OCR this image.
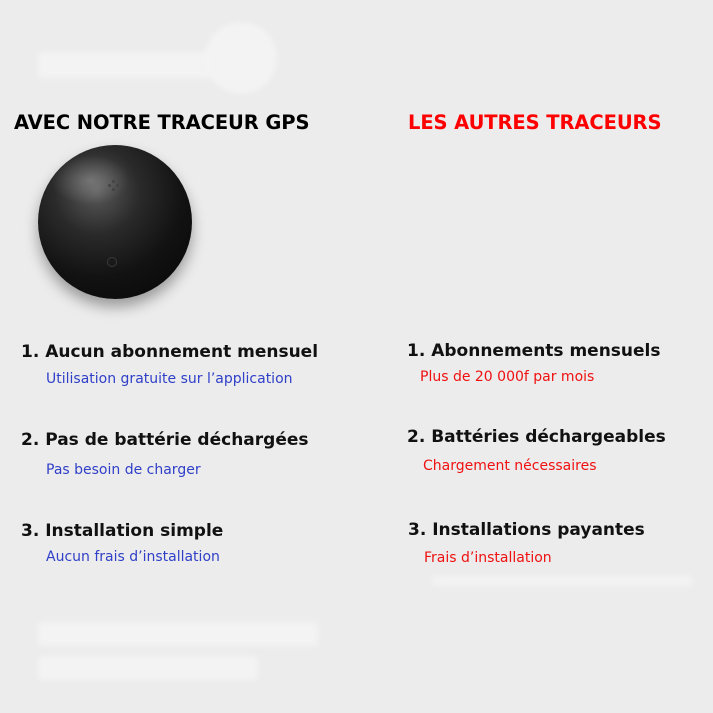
AVEC NOTRE TRACEUR GPS	LES AUTRES TRACEURS
1. Aucun abonnement mensuel
Utilisation gratuite sur l’application
2. Pas de battérie déchargées
Pas besoin de charger
3. Installation simple
Aucun frais d’installation
1. Abonnements mensuels
Plus de 20 000f par mois
2. Battéries déchargeables
Chargement nécessaires
3. Installations payantes
Frais d’installation
